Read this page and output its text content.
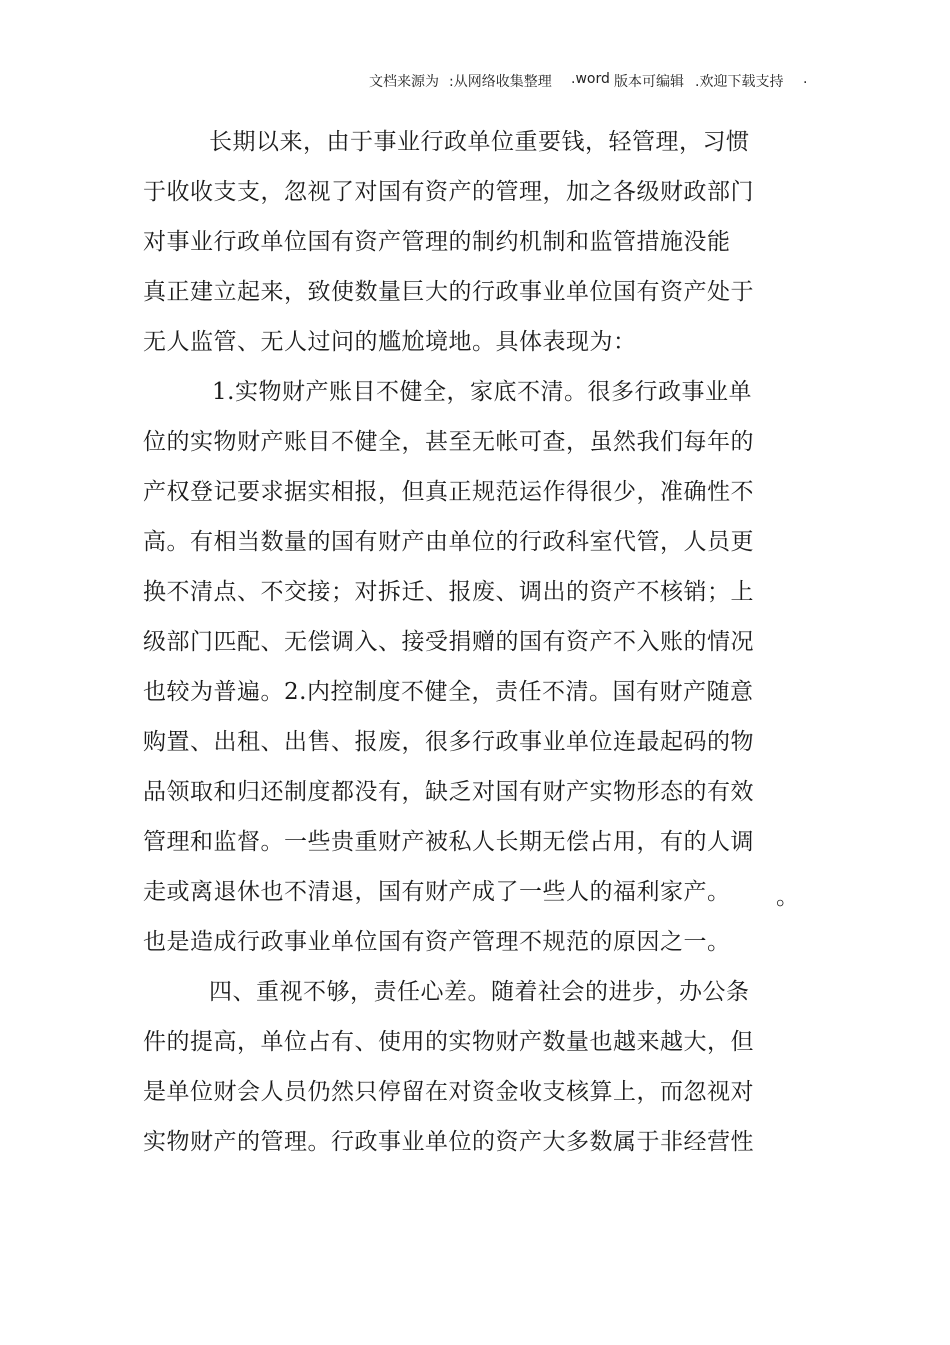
文档来源为

:从网络收集整理

.word

版本可编辑

.欢迎下载支持

.

长期以来，由于事业行政单位重要钱，轻管理，习惯
于收收支支，忽视了对国有资产的管理，加之各级财政部门
对事业行政单位国有资产管理的制约机制和监管措施没能
真正建立起来，致使数量巨大的行政事业单位国有资产处于
无人监管、无人过问的尴尬境地。具体表现为：
1.实物财产账目不健全，家底不清。很多行政事业单
位的实物财产账目不健全，甚至无帐可查，虽然我们每年的
产权登记要求据实相报，但真正规范运作得很少，准确性不
高。有相当数量的国有财产由单位的行政科室代管，人员更
换不清点、不交接；对拆迁、报废、调出的资产不核销；上
级部门匹配、无偿调入、接受捐赠的国有资产不入账的情况
也较为普遍。2.内控制度不健全，责任不清。国有财产随意
购置、出租、出售、报废，很多行政事业单位连最起码的物
品领取和归还制度都没有，缺乏对国有财产实物形态的有效
管理和监督。一些贵重财产被私人长期无偿占用，有的人调
走或离退休也不清退，国有财产成了一些人的福利家产。 。
也是造成行政事业单位国有资产管理不规范的原因之一。
四、重视不够，责任心差。随着社会的进步，办公条
件的提高，单位占有、使用的实物财产数量也越来越大，但
是单位财会人员仍然只停留在对资金收支核算上，而忽视对
实物财产的管理。行政事业单位的资产大多数属于非经营性
